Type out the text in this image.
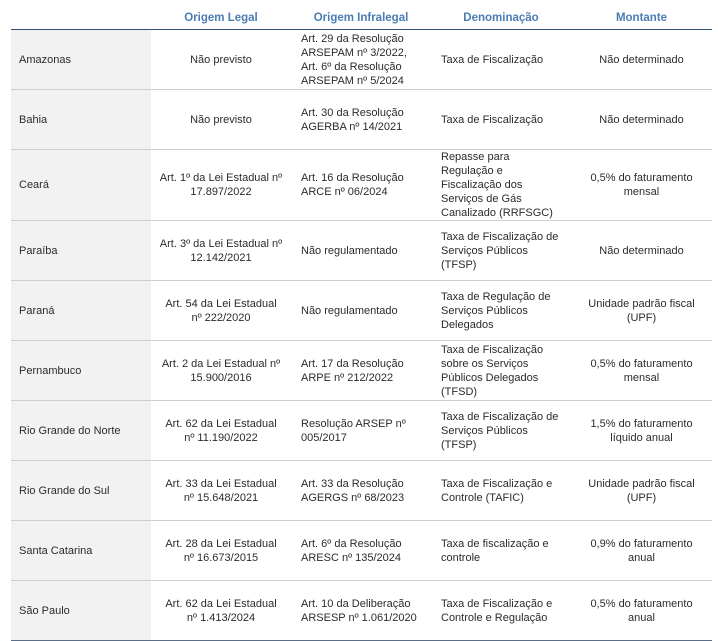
	Origem Legal	Origem Infralegal	Denominação	Montante
Amazonas	Não previsto	Art. 29 da Resolução ARSEPAM nº 3/2022, Art. 6º da Resolução ARSEPAM nº 5/2024	Taxa de Fiscalização	Não determinado
Bahia	Não previsto	Art. 30 da Resolução AGERBA nº 14/2021	Taxa de Fiscalização	Não determinado
Ceará	Art. 1º da Lei Estadual nº 17.897/2022	Art. 16 da Resolução ARCE nº 06/2024	Repasse para Regulação e Fiscalização dos Serviços de Gás Canalizado (RRFSGC)	0,5% do faturamento mensal
Paraíba	Art. 3º da Lei Estadual nº 12.142/2021	Não regulamentado	Taxa de Fiscalização de Serviços Públicos (TFSP)	Não determinado
Paraná	Art. 54 da Lei Estadual nº 222/2020	Não regulamentado	Taxa de Regulação de Serviços Públicos Delegados	Unidade padrão fiscal (UPF)
Pernambuco	Art. 2 da Lei Estadual nº 15.900/2016	Art. 17 da Resolução ARPE nº 212/2022	Taxa de Fiscalização sobre os Serviços Públicos Delegados (TFSD)	0,5% do faturamento mensal
Rio Grande do Norte	Art. 62 da Lei Estadual nº 11.190/2022	Resolução ARSEP nº 005/2017	Taxa de Fiscalização de Serviços Públicos (TFSP)	1,5% do faturamento líquido anual
Rio Grande do Sul	Art. 33 da Lei Estadual nº 15.648/2021	Art. 33 da Resolução AGERGS nº 68/2023	Taxa de Fiscalização e Controle (TAFIC)	Unidade padrão fiscal (UPF)
Santa Catarina	Art. 28 da Lei Estadual nº 16.673/2015	Art. 6º da Resolução ARESC nº 135/2024	Taxa de fiscalização e controle	0,9% do faturamento anual
São Paulo	Art. 62 da Lei Estadual nº 1.413/2024	Art. 10 da Deliberação ARSESP nº 1.061/2020	Taxa de Fiscalização e Controle e Regulação	0,5% do faturamento anual
